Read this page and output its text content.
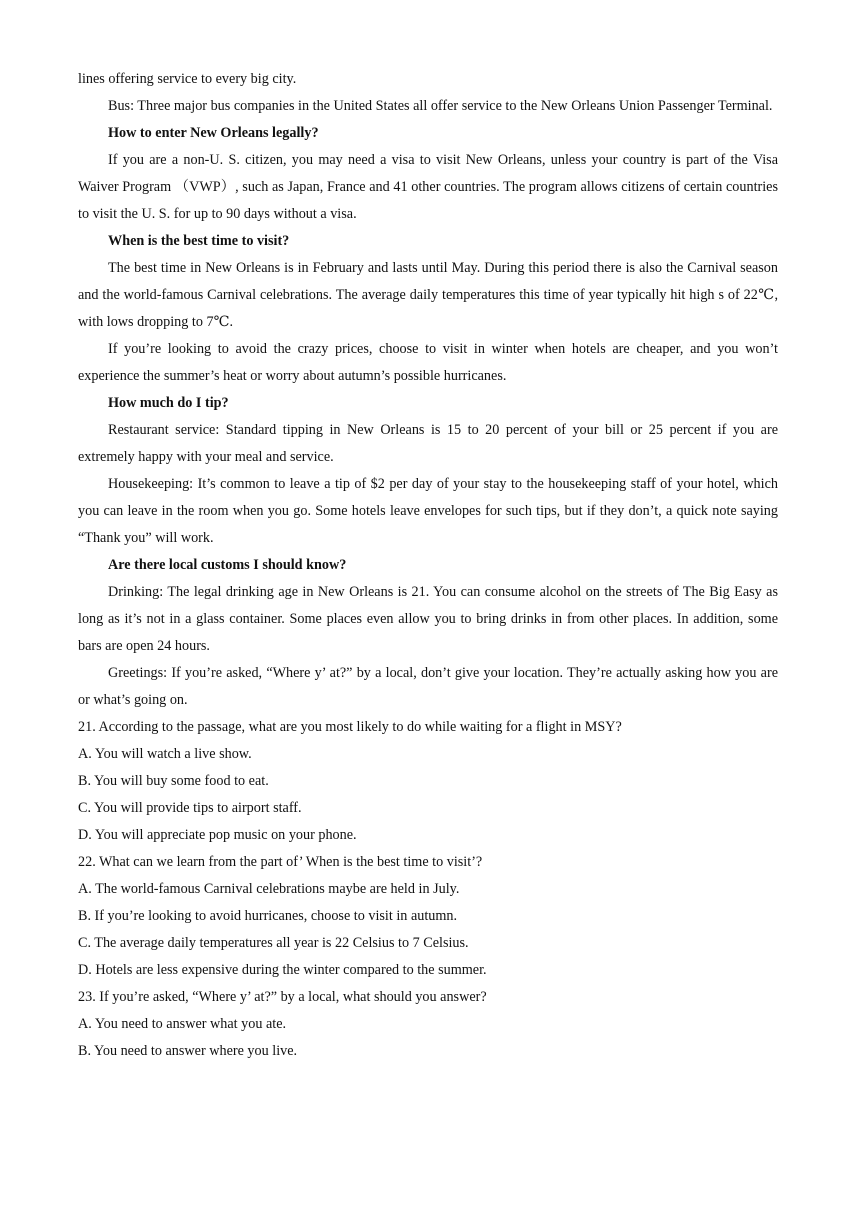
lines offering service to every big city.
Bus: Three major bus companies in the United States all offer service to the New Orleans Union Passenger Terminal.
How to enter New Orleans legally?
If you are a non-U. S. citizen, you may need a visa to visit New Orleans, unless your country is part of the Visa Waiver Program （VWP）, such as Japan, France and 41 other countries. The program allows citizens of certain countries to visit the U. S. for up to 90 days without a visa.
When is the best time to visit?
The best time in New Orleans is in February and lasts until May. During this period there is also the Carnival season and the world-famous Carnival celebrations. The average daily temperatures this time of year typically hit high s of 22℃, with lows dropping to 7℃.
If you’re looking to avoid the crazy prices, choose to visit in winter when hotels are cheaper, and you won’t experience the summer’s heat or worry about autumn’s possible hurricanes.
How much do I tip?
Restaurant service: Standard tipping in New Orleans is 15 to 20 percent of your bill or 25 percent if you are extremely happy with your meal and service.
Housekeeping: It’s common to leave a tip of $2 per day of your stay to the housekeeping staff of your hotel, which you can leave in the room when you go. Some hotels leave envelopes for such tips, but if they don’t, a quick note saying “Thank you” will work.
Are there local customs I should know?
Drinking: The legal drinking age in New Orleans is 21. You can consume alcohol on the streets of The Big Easy as long as it’s not in a glass container. Some places even allow you to bring drinks in from other places. In addition, some bars are open 24 hours.
Greetings: If you’re asked, “Where y’ at?” by a local, don’t give your location. They’re actually asking how you are or what’s going on.
21. According to the passage, what are you most likely to do while waiting for a flight in MSY?
A. You will watch a live show.
B. You will buy some food to eat.
C. You will provide tips to airport staff.
D. You will appreciate pop music on your phone.
22. What can we learn from the part of’ When is the best time to visit’?
A. The world-famous Carnival celebrations maybe are held in July.
B. If you’re looking to avoid hurricanes, choose to visit in autumn.
C. The average daily temperatures all year is 22 Celsius to 7 Celsius.
D. Hotels are less expensive during the winter compared to the summer.
23. If you’re asked, “Where y’ at?” by a local, what should you answer?
A. You need to answer what you ate.
B. You need to answer where you live.
